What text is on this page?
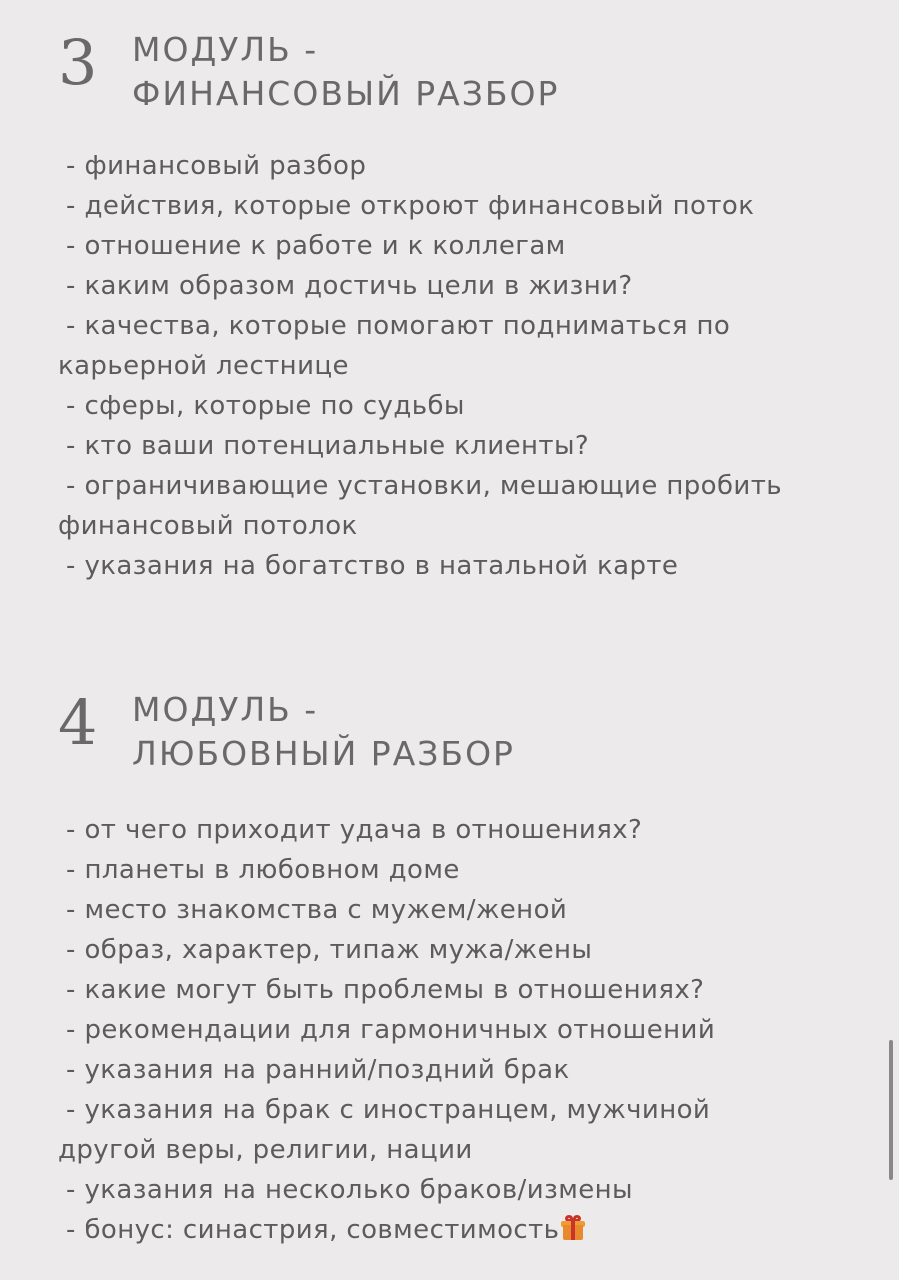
3 МОДУЛЬ -
ФИНАНСОВЫЙ РАЗБОР
- финансовый разбор
- действия, которые откроют финансовый поток
- отношение к работе и к коллегам
- каким образом достичь цели в жизни?
- качества, которые помогают подниматься по
карьерной лестнице
- сферы, которые по судьбы
- кто ваши потенциальные клиенты?
- ограничивающие установки, мешающие пробить
финансовый потолок
- указания на богатство в натальной карте
4 МОДУЛЬ -
ЛЮБОВНЫЙ РАЗБОР
- от чего приходит удача в отношениях?
- планеты в любовном доме
- место знакомства с мужем/женой
- образ, характер, типаж мужа/жены
- какие могут быть проблемы в отношениях?
- рекомендации для гармоничных отношений
- указания на ранний/поздний брак
- указания на брак с иностранцем, мужчиной
другой веры, религии, нации
- указания на несколько браков/измены
- бонус: синастрия, совместимость
